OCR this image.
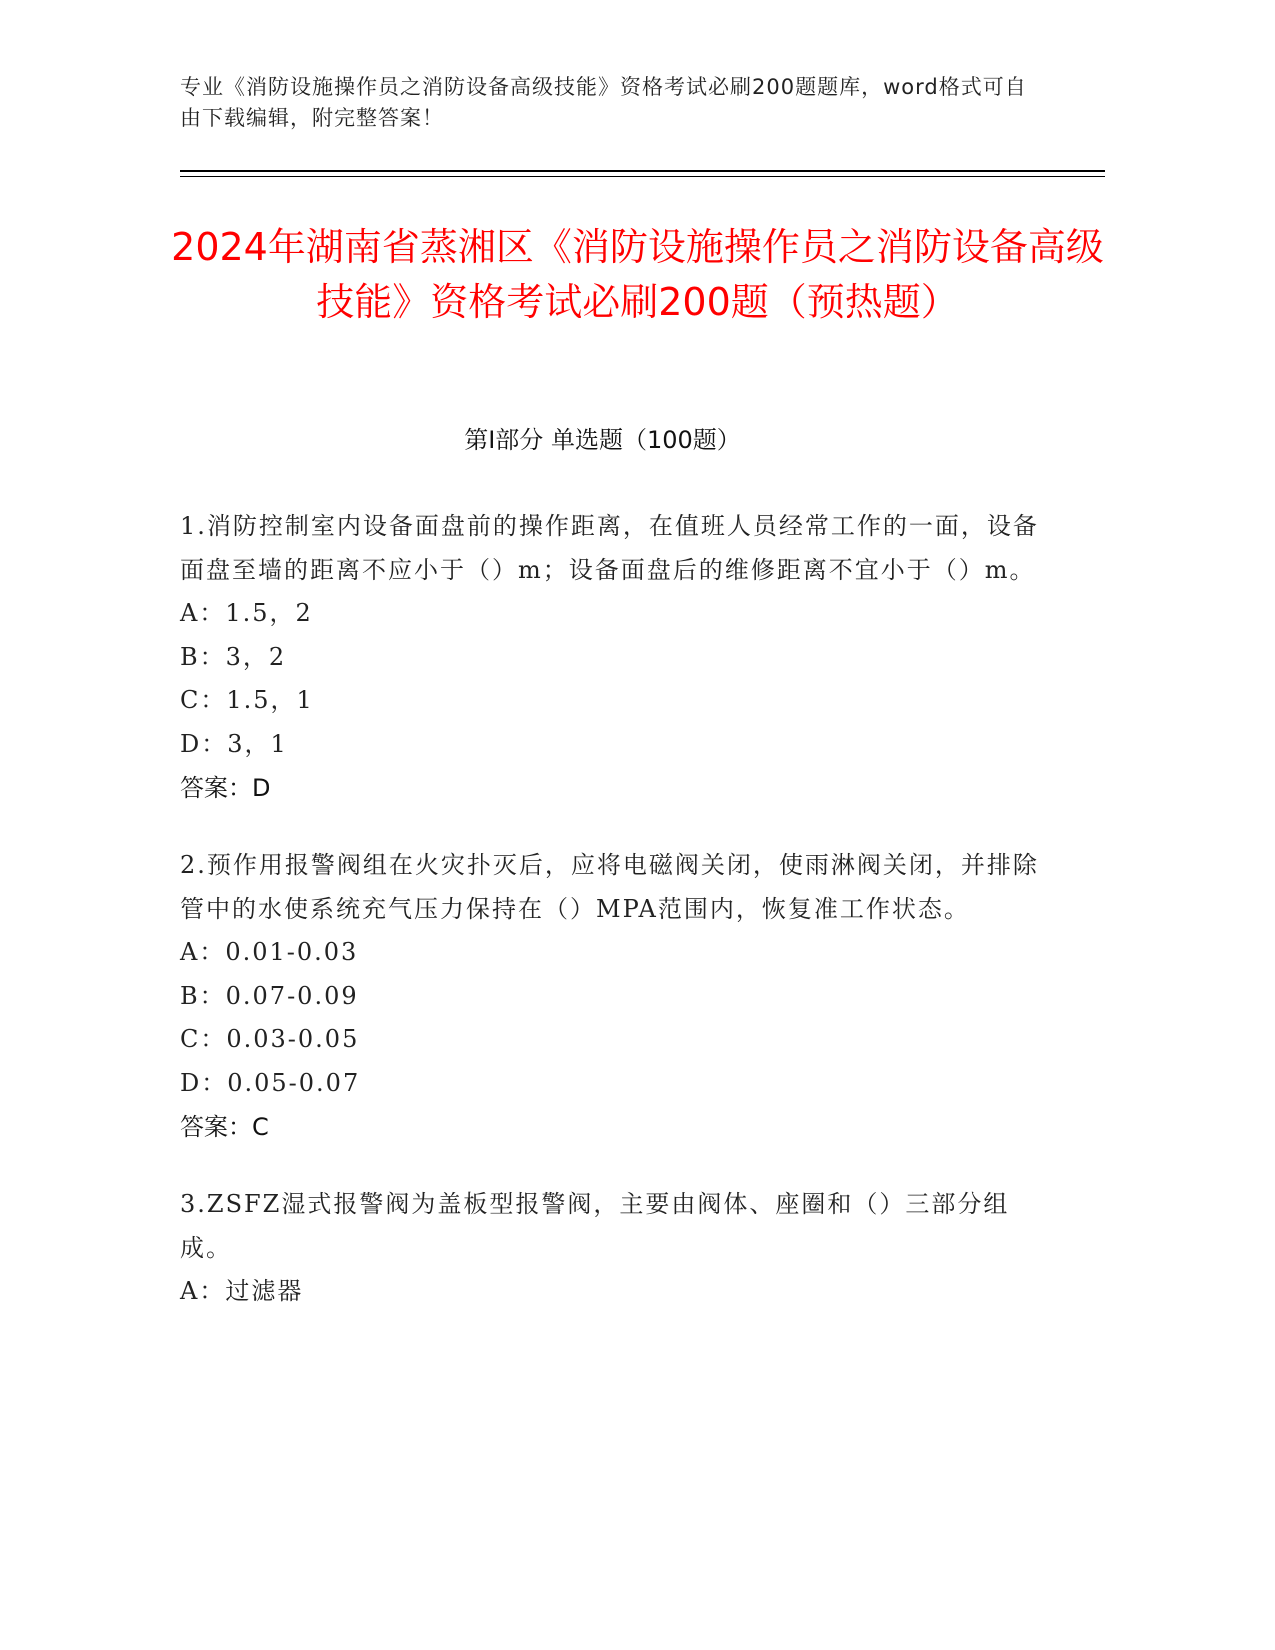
专业《消防设施操作员之消防设备高级技能》资格考试必刷200题题库，word格式可自由下载编辑，附完整答案！
2024年湖南省蒸湘区《消防设施操作员之消防设备高级技能》资格考试必刷200题（预热题）
第Ⅰ部分 单选题（100题）
1.消防控制室内设备面盘前的操作距离，在值班人员经常工作的一面，设备面盘至墙的距离不应小于（）m；设备面盘后的维修距离不宜小于（）m。
A：1.5，2
B：3，2
C：1.5，1
D：3，1
答案：D
2.预作用报警阀组在火灾扑灭后，应将电磁阀关闭，使雨淋阀关闭，并排除管中的水使系统充气压力保持在（）MPA范围内，恢复准工作状态。
A：0.01-0.03
B：0.07-0.09
C：0.03-0.05
D：0.05-0.07
答案：C
3.ZSFZ湿式报警阀为盖板型报警阀，主要由阀体、座圈和（）三部分组成。
A：过滤器
